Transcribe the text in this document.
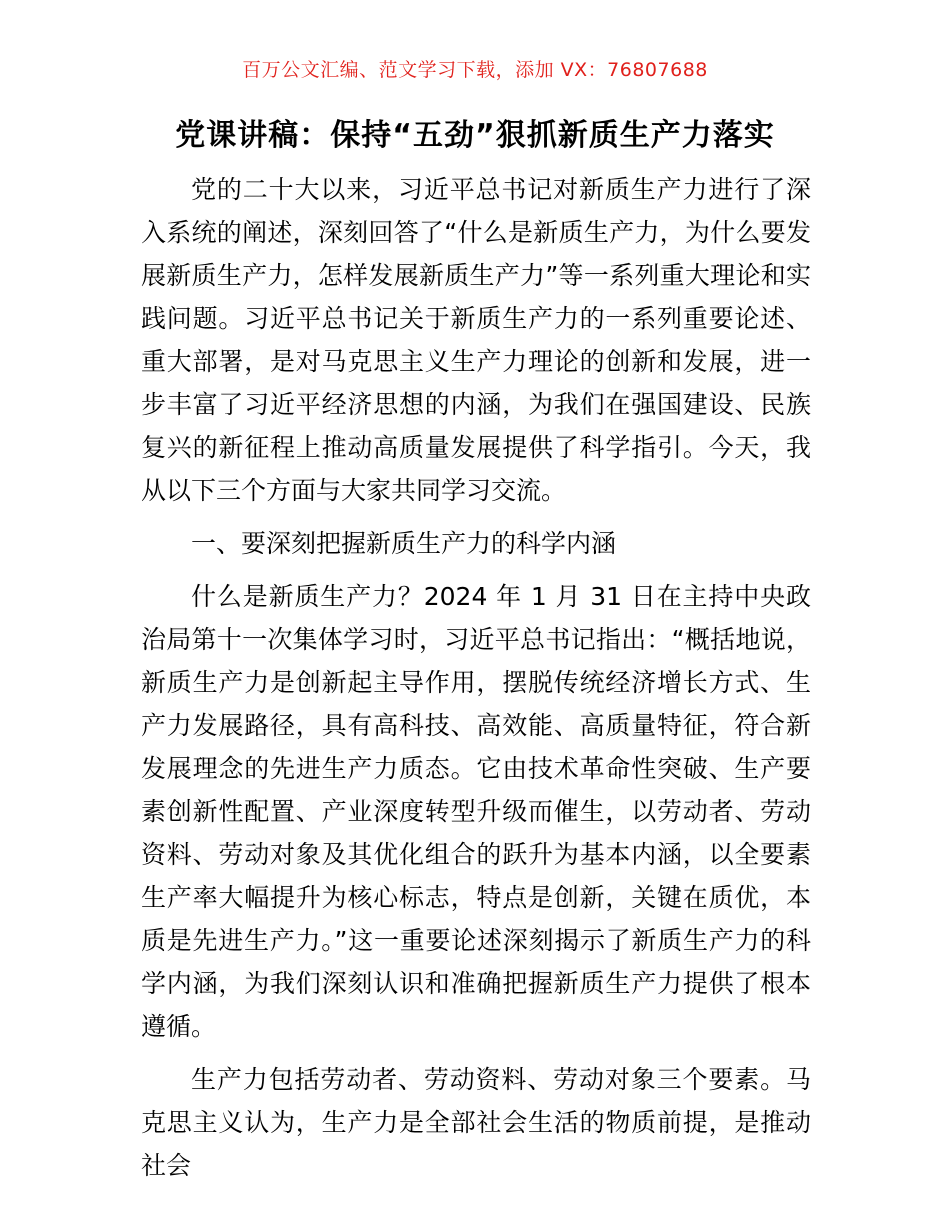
百万公文汇编、范文学习下载，添加 VX：76807688
党课讲稿：保持“五劲”狠抓新质生产力落实

党的二十大以来，习近平总书记对新质生产力进行了深入系统的阐述，深刻回答了“什么是新质生产力，为什么要发展新质生产力，怎样发展新质生产力”等一系列重大理论和实践问题。习近平总书记关于新质生产力的一系列重要论述、重大部署，是对马克思主义生产力理论的创新和发展，进一步丰富了习近平经济思想的内涵，为我们在强国建设、民族复兴的新征程上推动高质量发展提供了科学指引。今天，我从以下三个方面与大家共同学习交流。

一、要深刻把握新质生产力的科学内涵

什么是新质生产力？2024 年 1 月 31 日在主持中央政治局第十一次集体学习时，习近平总书记指出：“概括地说，新质生产力是创新起主导作用，摆脱传统经济增长方式、生产力发展路径，具有高科技、高效能、高质量特征，符合新发展理念的先进生产力质态。它由技术革命性突破、生产要素创新性配置、产业深度转型升级而催生，以劳动者、劳动资料、劳动对象及其优化组合的跃升为基本内涵，以全要素生产率大幅提升为核心标志，特点是创新，关键在质优，本质是先进生产力。”这一重要论述深刻揭示了新质生产力的科学内涵，为我们深刻认识和准确把握新质生产力提供了根本遵循。

生产力包括劳动者、劳动资料、劳动对象三个要素。马克思主义认为，生产力是全部社会生活的物质前提，是推动社会
